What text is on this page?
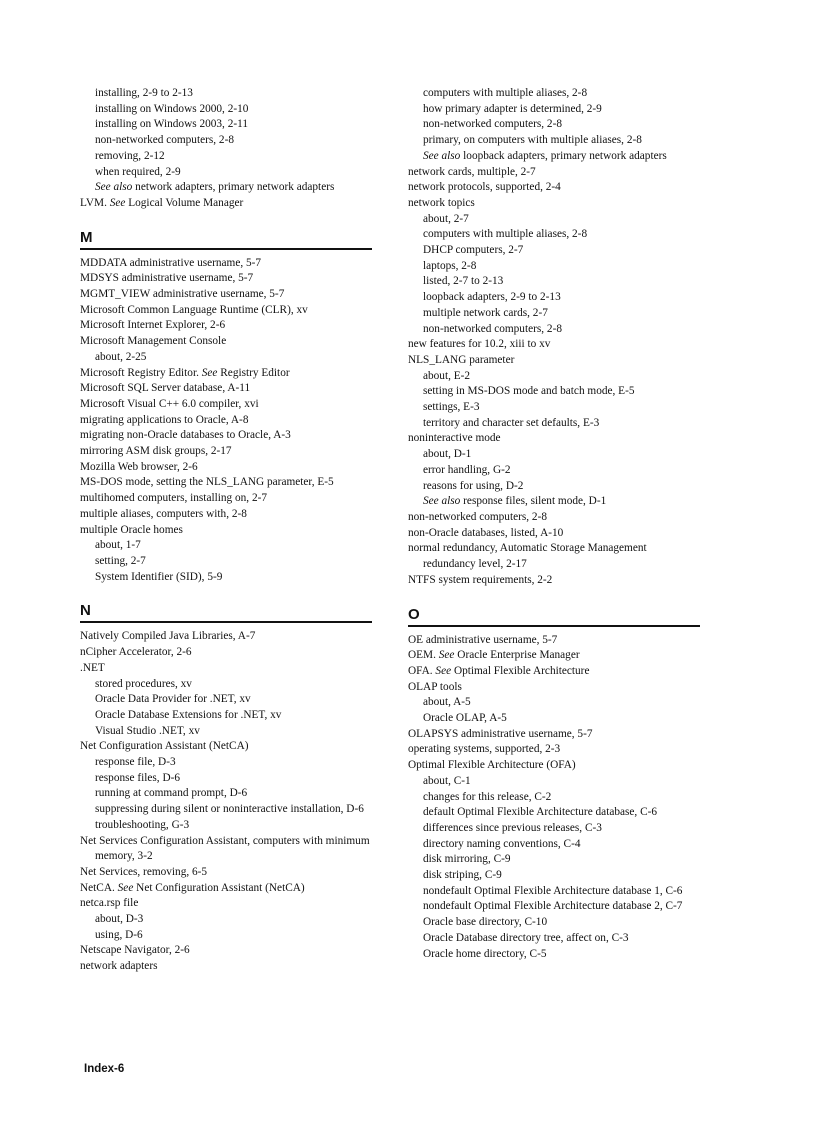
installing, 2-9 to 2-13
installing on Windows 2000, 2-10
installing on Windows 2003, 2-11
non-networked computers, 2-8
removing, 2-12
when required, 2-9
See also network adapters, primary network adapters
LVM. See Logical Volume Manager
M
MDDATA administrative username, 5-7
MDSYS administrative username, 5-7
MGMT_VIEW administrative username, 5-7
Microsoft Common Language Runtime (CLR), xv
Microsoft Internet Explorer, 2-6
Microsoft Management Console
about, 2-25
Microsoft Registry Editor. See Registry Editor
Microsoft SQL Server database, A-11
Microsoft Visual C++ 6.0 compiler, xvi
migrating applications to Oracle, A-8
migrating non-Oracle databases to Oracle, A-3
mirroring ASM disk groups, 2-17
Mozilla Web browser, 2-6
MS-DOS mode, setting the NLS_LANG parameter, E-5
multihomed computers, installing on, 2-7
multiple aliases, computers with, 2-8
multiple Oracle homes
about, 1-7
setting, 2-7
System Identifier (SID), 5-9
N
Natively Compiled Java Libraries, A-7
nCipher Accelerator, 2-6
.NET
stored procedures, xv
Oracle Data Provider for .NET, xv
Oracle Database Extensions for .NET, xv
Visual Studio .NET, xv
Net Configuration Assistant (NetCA)
response file, D-3
response files, D-6
running at command prompt, D-6
suppressing during silent or noninteractive installation, D-6
troubleshooting, G-3
Net Services Configuration Assistant, computers with minimum memory, 3-2
Net Services, removing, 6-5
NetCA. See Net Configuration Assistant (NetCA)
netca.rsp file
about, D-3
using, D-6
Netscape Navigator, 2-6
network adapters
computers with multiple aliases, 2-8
how primary adapter is determined, 2-9
non-networked computers, 2-8
primary, on computers with multiple aliases, 2-8
See also loopback adapters, primary network adapters
network cards, multiple, 2-7
network protocols, supported, 2-4
network topics
about, 2-7
computers with multiple aliases, 2-8
DHCP computers, 2-7
laptops, 2-8
listed, 2-7 to 2-13
loopback adapters, 2-9 to 2-13
multiple network cards, 2-7
non-networked computers, 2-8
new features for 10.2, xiii to xv
NLS_LANG parameter
about, E-2
setting in MS-DOS mode and batch mode, E-5
settings, E-3
territory and character set defaults, E-3
noninteractive mode
about, D-1
error handling, G-2
reasons for using, D-2
See also response files, silent mode, D-1
non-networked computers, 2-8
non-Oracle databases, listed, A-10
normal redundancy, Automatic Storage Management redundancy level, 2-17
NTFS system requirements, 2-2
O
OE administrative username, 5-7
OEM. See Oracle Enterprise Manager
OFA. See Optimal Flexible Architecture
OLAP tools
about, A-5
Oracle OLAP, A-5
OLAPSYS administrative username, 5-7
operating systems, supported, 2-3
Optimal Flexible Architecture (OFA)
about, C-1
changes for this release, C-2
default Optimal Flexible Architecture database, C-6
differences since previous releases, C-3
directory naming conventions, C-4
disk mirroring, C-9
disk striping, C-9
nondefault Optimal Flexible Architecture database 1, C-6
nondefault Optimal Flexible Architecture database 2, C-7
Oracle base directory, C-10
Oracle Database directory tree, affect on, C-3
Oracle home directory, C-5
Index-6
